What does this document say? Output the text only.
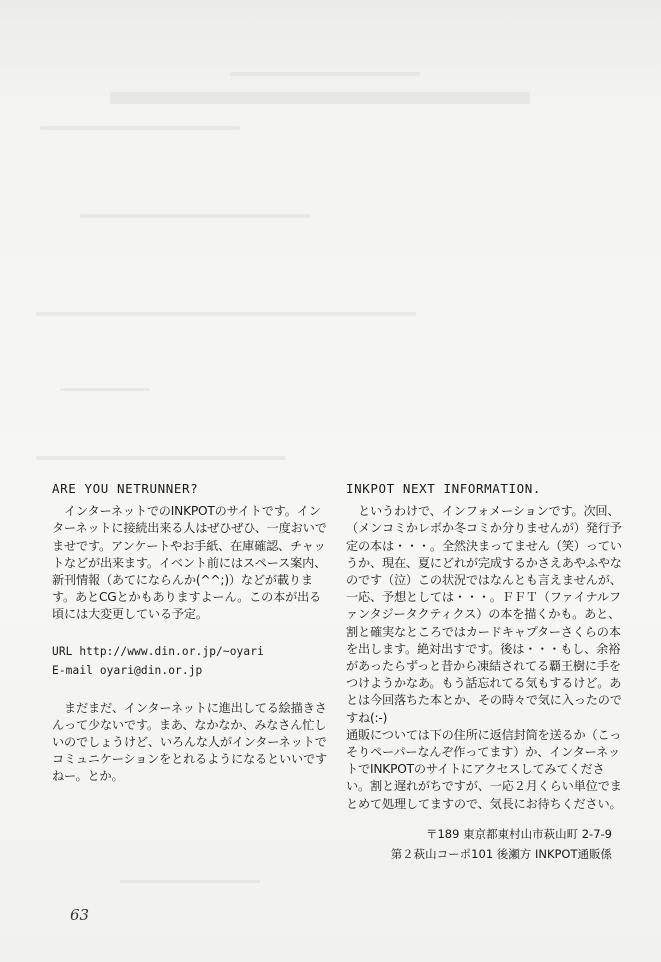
ARE YOU NETRUNNER?

インターネットでのINKPOTのサイトです。インターネットに接続出来る人はぜひぜひ、一度おいでませです。アンケートやお手紙、在庫確認、チャットなどが出来ます。イベント前にはスペース案内、新刊情報（あてにならんか(^^;)）などが載ります。あとCGとかもありますよーん。この本が出る頃には大変更している予定。

URL http://www.din.or.jp/~oyari
E-mail oyari@din.or.jp

まだまだ、インターネットに進出してる絵描きさんって少ないです。まあ、なかなか、みなさん忙しいのでしょうけど、いろんな人がインターネットでコミュニケーションをとれるようになるといいですねー。とか。

INKPOT NEXT INFORMATION.

というわけで、インフォメーションです。次回、（メンコミかレボか冬コミか分りませんが）発行予定の本は・・・。全然決まってません（笑）っていうか、現在、夏にどれが完成するかさえあやふやなのです（泣）この状況ではなんとも言えませんが、一応、予想としては・・・。ＦＦＴ（ファイナルファンタジータクティクス）の本を描くかも。あと、割と確実なところではカードキャプターさくらの本を出します。絶対出すです。後は・・・もし、余裕があったらずっと昔から凍結されてる覇王樹に手をつけようかなあ。もう話忘れてる気もするけど。あとは今回落ちた本とか、その時々で気に入ったのですね(:-)

通販については下の住所に返信封筒を送るか（こっそりペーパーなんぞ作ってます）か、インターネットでINKPOTのサイトにアクセスしてみてください。割と遅れがちですが、一応２月くらい単位でまとめて処理してますので、気長にお待ちください。

〒189 東京都東村山市萩山町 2-7-9
第２萩山コーポ101 後瀬方 INKPOT通販係
63
